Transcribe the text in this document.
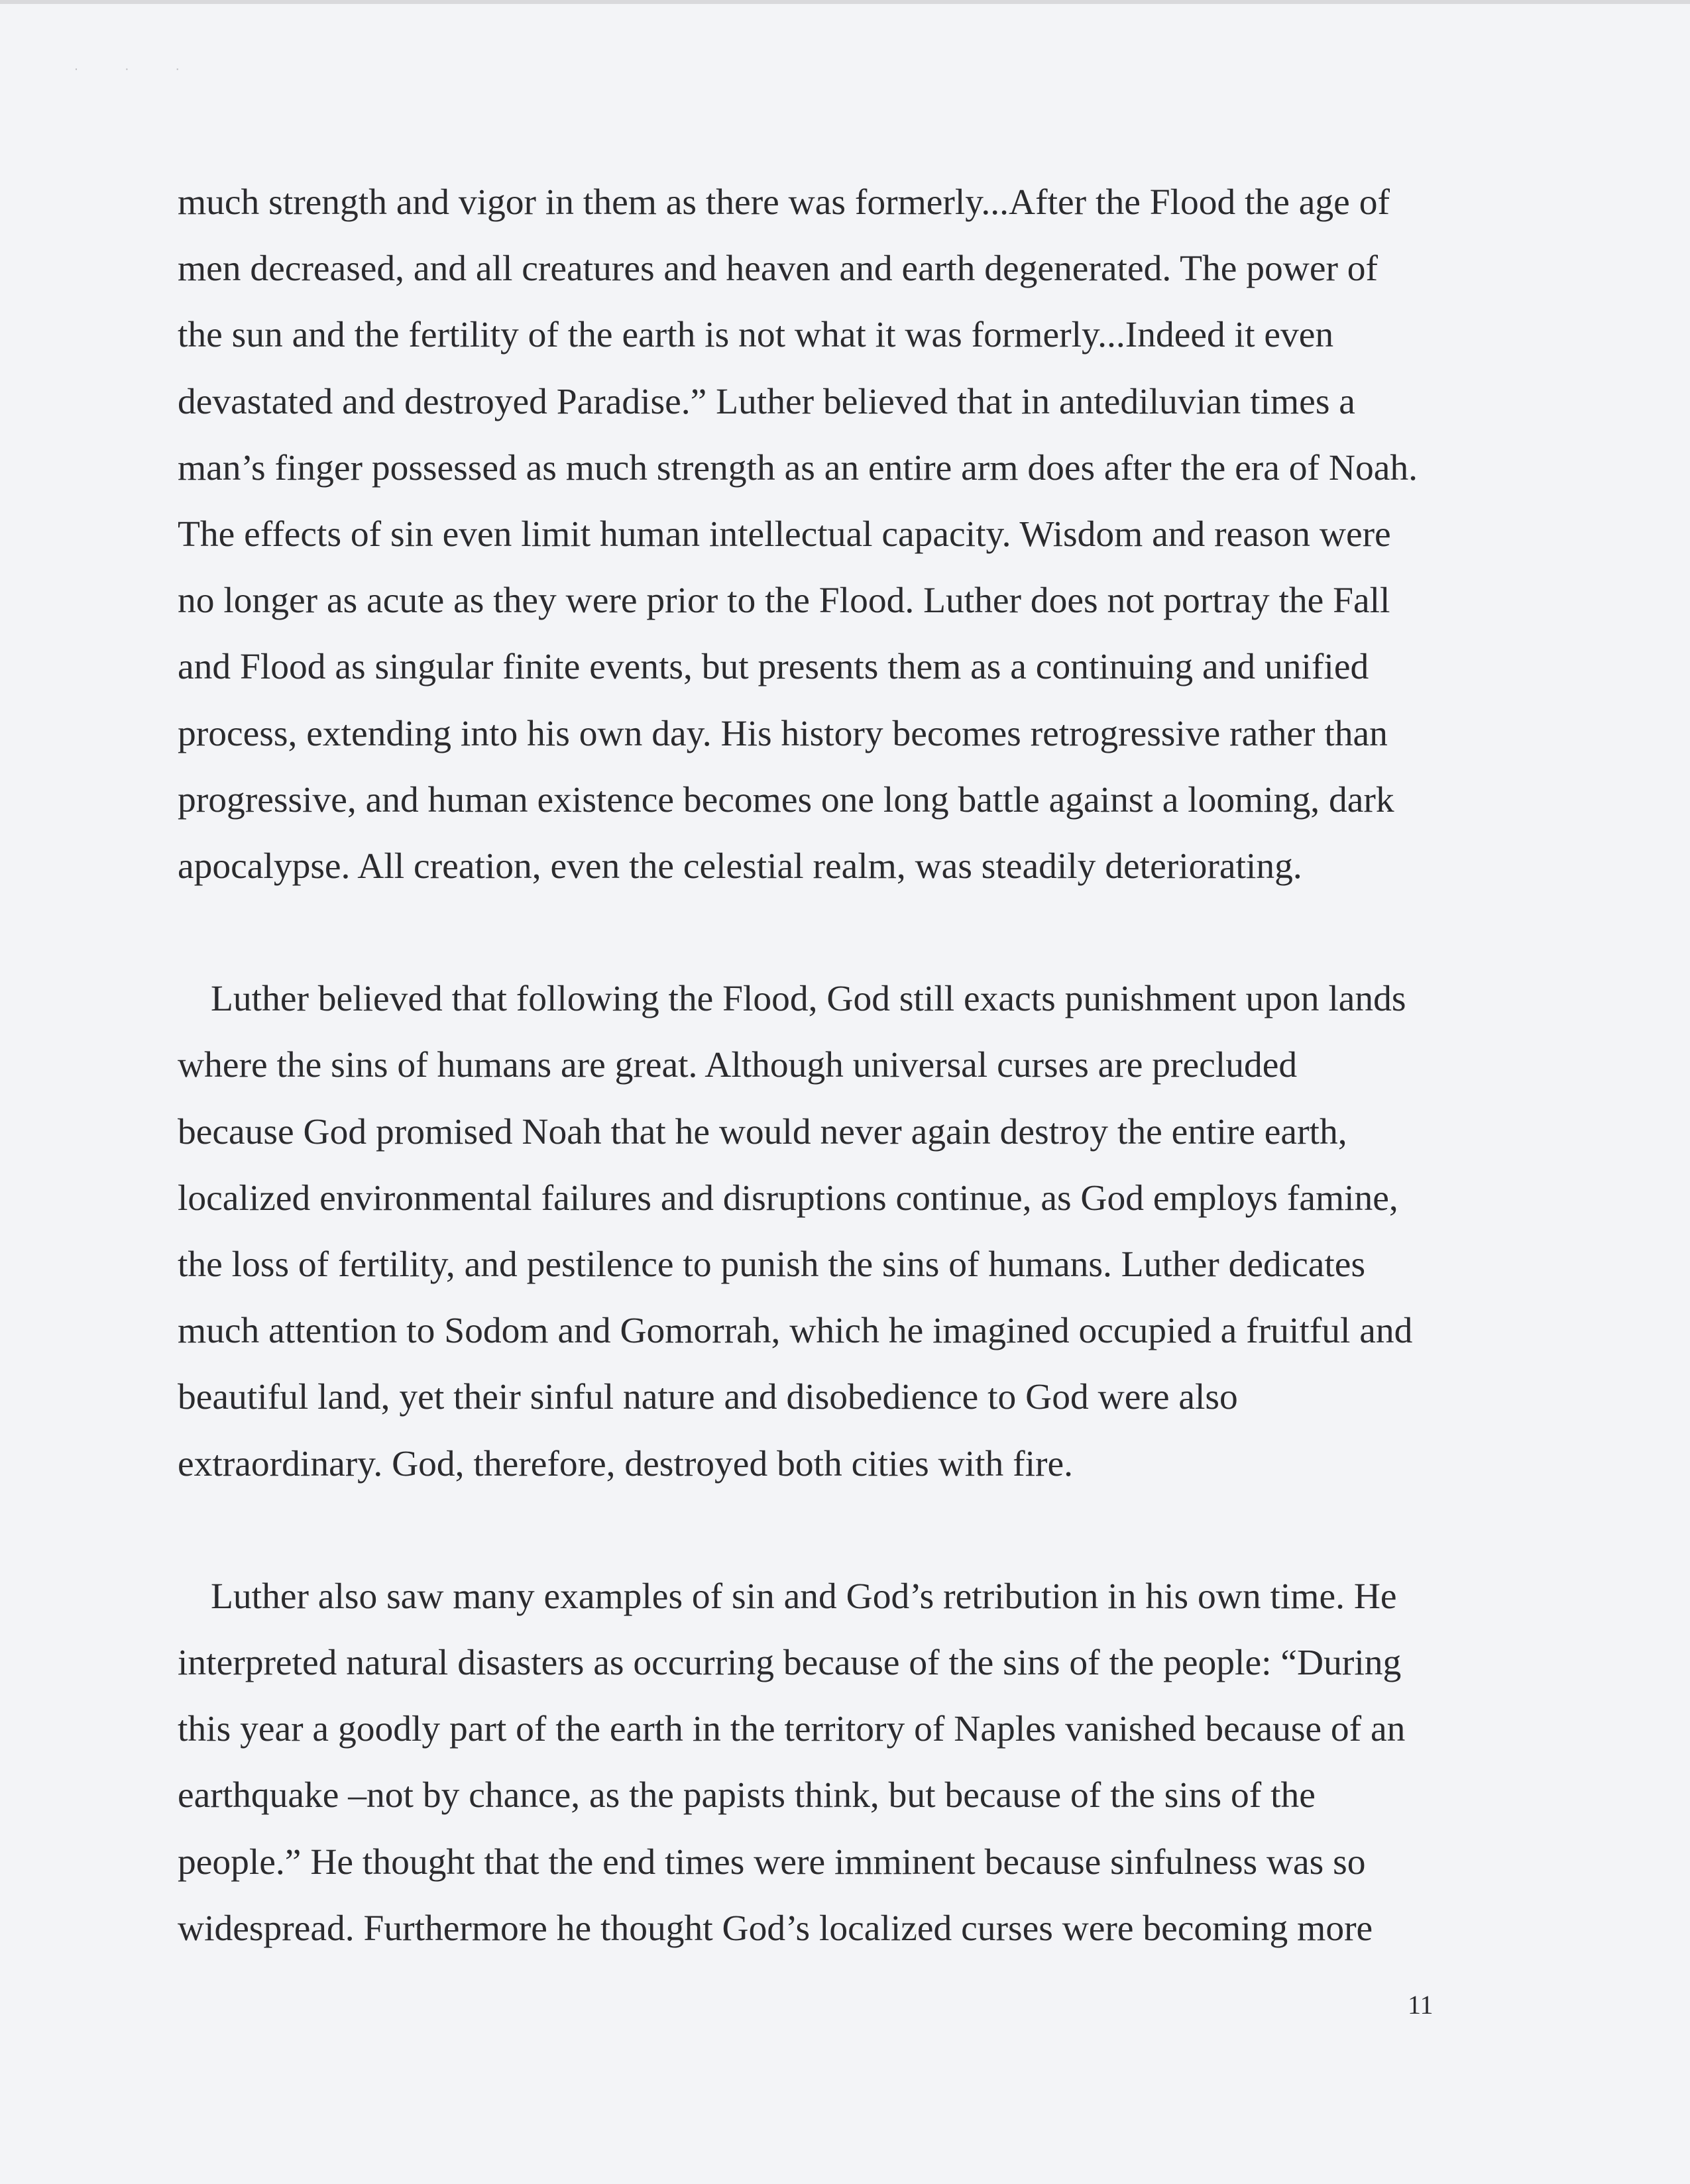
˙ ˙ ˙
much strength and vigor in them as there was formerly...After the Flood the age of
men decreased, and all creatures and heaven and earth degenerated. The power of
the sun and the fertility of the earth is not what it was formerly...Indeed it even
devastated and destroyed Paradise.” Luther believed that in antediluvian times a
man’s finger possessed as much strength as an entire arm does after the era of Noah.
The effects of sin even limit human intellectual capacity. Wisdom and reason were
no longer as acute as they were prior to the Flood. Luther does not portray the Fall
and Flood as singular finite events, but presents them as a continuing and unified
process, extending into his own day. His history becomes retrogressive rather than
progressive, and human existence becomes one long battle against a looming, dark
apocalypse. All creation, even the celestial realm, was steadily deteriorating.
Luther believed that following the Flood, God still exacts punishment upon lands
where the sins of humans are great. Although universal curses are precluded
because God promised Noah that he would never again destroy the entire earth,
localized environmental failures and disruptions continue, as God employs famine,
the loss of fertility, and pestilence to punish the sins of humans. Luther dedicates
much attention to Sodom and Gomorrah, which he imagined occupied a fruitful and
beautiful land, yet their sinful nature and disobedience to God were also
extraordinary. God, therefore, destroyed both cities with fire.
Luther also saw many examples of sin and God’s retribution in his own time. He
interpreted natural disasters as occurring because of the sins of the people: “During
this year a goodly part of the earth in the territory of Naples vanished because of an
earthquake –not by chance, as the papists think, but because of the sins of the
people.” He thought that the end times were imminent because sinfulness was so
widespread. Furthermore he thought God’s localized curses were becoming more
11
